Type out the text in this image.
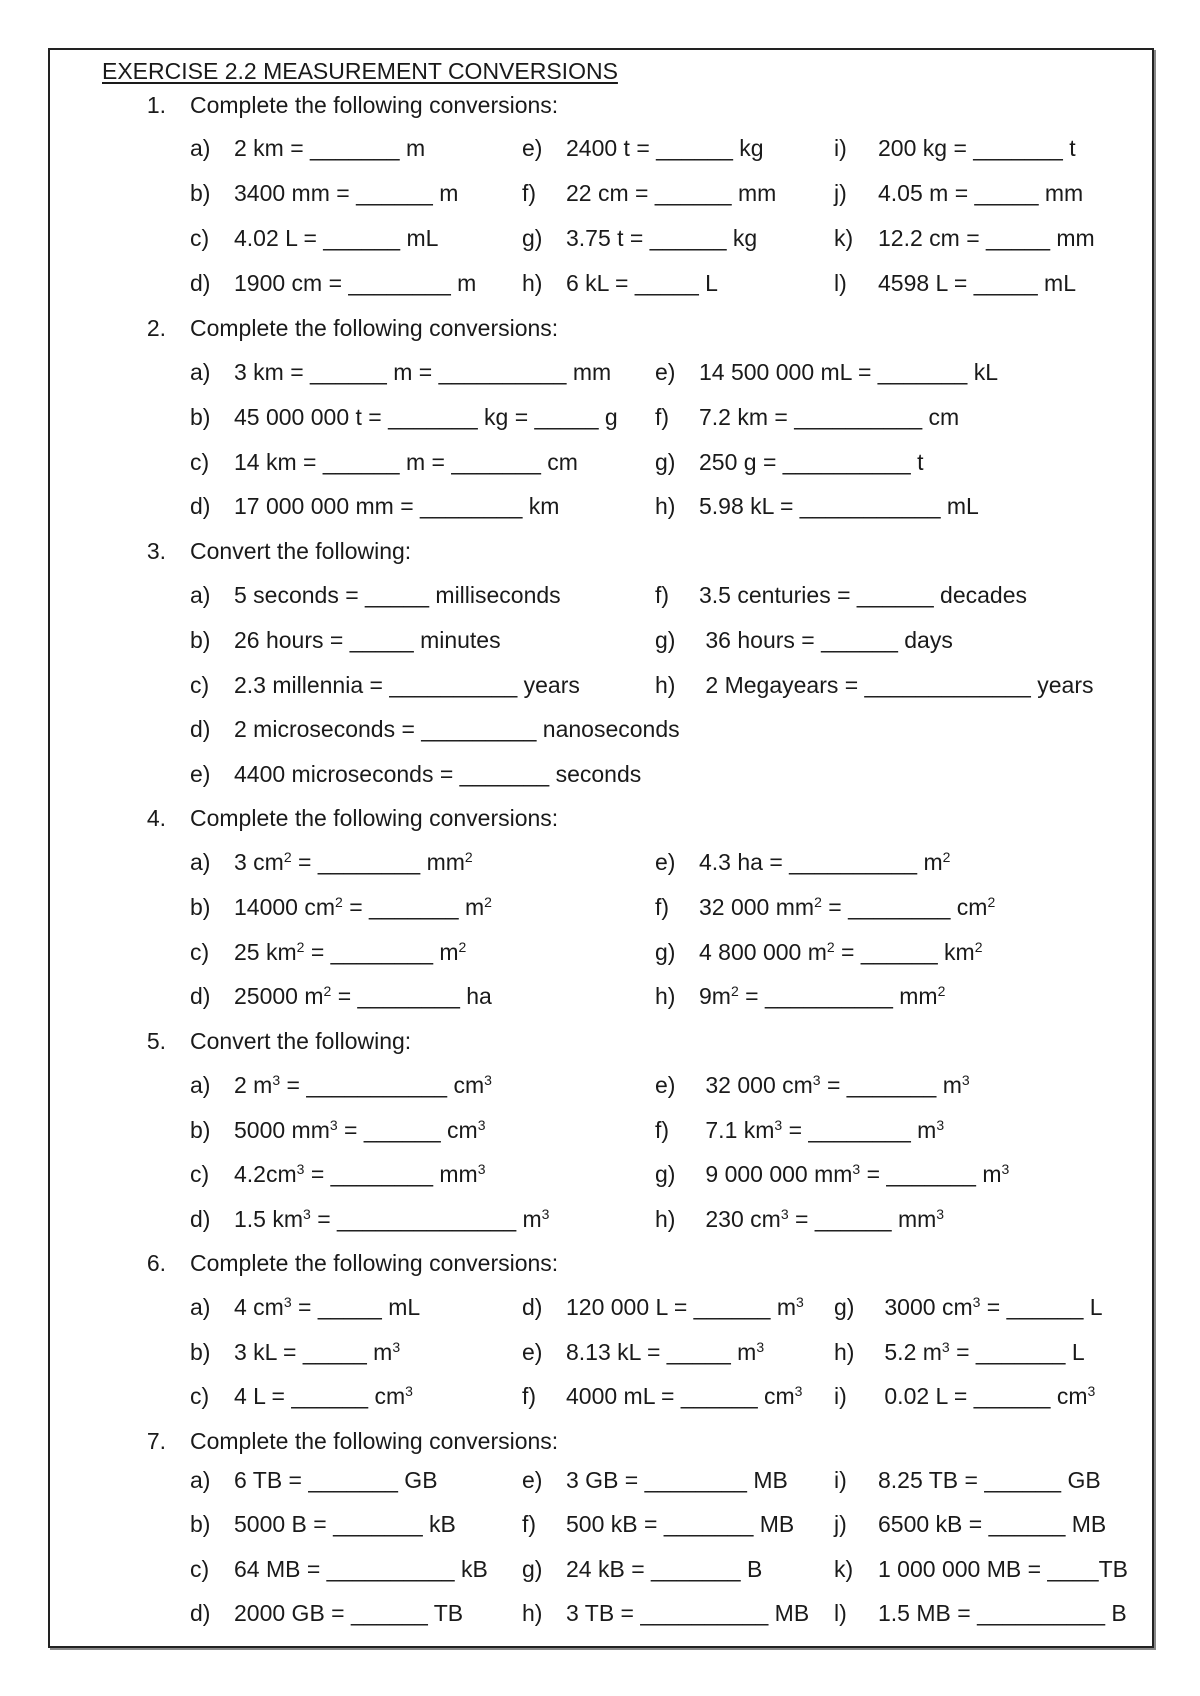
EXERCISE 2.2 MEASUREMENT CONVERSIONS
1. Complete the following conversions:
a) 2 km = _______ m	e) 2400 t = ______ kg	i) 200 kg = _______ t
b) 3400 mm = ______ m	f) 22 cm = ______ mm	j) 4.05 m = _____ mm
c) 4.02 L = ______ mL	g) 3.75 t = ______ kg	k) 12.2 cm = _____ mm
d) 1900 cm = ________ m h) 6 kL = _____ L	l) 4598 L = _____ mL
2. Complete the following conversions:
a) 3 km = ______ m = __________ mm e) 14 500 000 mL = _______ kL
b) 45 000 000 t = _______ kg = _____ g f) 7.2 km = __________ cm
c) 14 km = ______ m = _______ cm	g) 250 g = __________ t
d) 17 000 000 mm = ________ km	h) 5.98 kL = ___________ mL
3. Convert the following:
a) 5 seconds = _____ milliseconds	f) 3.5 centuries = ______ decades
b) 26 hours = _____ minutes	g) 36 hours = ______ days
c) 2.3 millennia = __________ years	h) 2 Megayears = _____________ years
d) 2 microseconds = _________ nanoseconds
e) 4400 microseconds = _______ seconds
4. Complete the following conversions:
a) 3 $cm^2$ = ________ $mm^2$	e) 4.3 ha = __________ $m^2$
b) 14000 $cm^2$ = _______ $m^2$	f) 32 000 $mm^2$ = ________ $cm^2$
c) 25 $km^2$ = ________ $m^2$	g) 4 800 000 $m^2$ = ______ $km^2$
d) 25000 $m^2$ = ________ ha	h) $9m^2$ = __________ $mm^2$
5. Convert the following:
a) 2 $m^3$ = ___________ $cm^3$	e) 32 000 $cm^3$ = _______ $m^3$
b) 5000 $mm^3$ = ______ $cm^3$	f) 7.1 $km^3$ = ________ $m^3$
c) $4.2cm^3$ = ________ $mm^3$	g) 9 000 000 $mm^3$ = _______ $m^3$
d) 1.5 $km^3$ = ______________ $m^3$	h) 230 $cm^3$ = ______ $mm^3$
6. Complete the following conversions:
a) 4 $cm^3$ = _____ mL	d) 120 000 L = ______ $m^3$ g) 3000 $cm^3$ = ______ L
b) 3 kL = _____ $m^3$	e) 8.13 kL = _____ $m^3$	h) 5.2 $m^3$ = _______ L
c) 4 L = ______ $cm^3$	f) 4000 mL = ______ $cm^3$ i) 0.02 L = ______ $cm^3$
7. Complete the following conversions:
a) 6 TB = _______ GB	e) 3 GB = ________ MB i) 8.25 TB = ______ GB
b) 5000 B = _______ kB	f) 500 kB = _______ MB j) 6500 kB = ______ MB
c) 64 MB = __________ kB g) 24 kB = _______ B	k) 1 000 000 MB = ____TB
d) 2000 GB = ______ TB	h) 3 TB = __________ MB l) 1.5 MB = __________ B
